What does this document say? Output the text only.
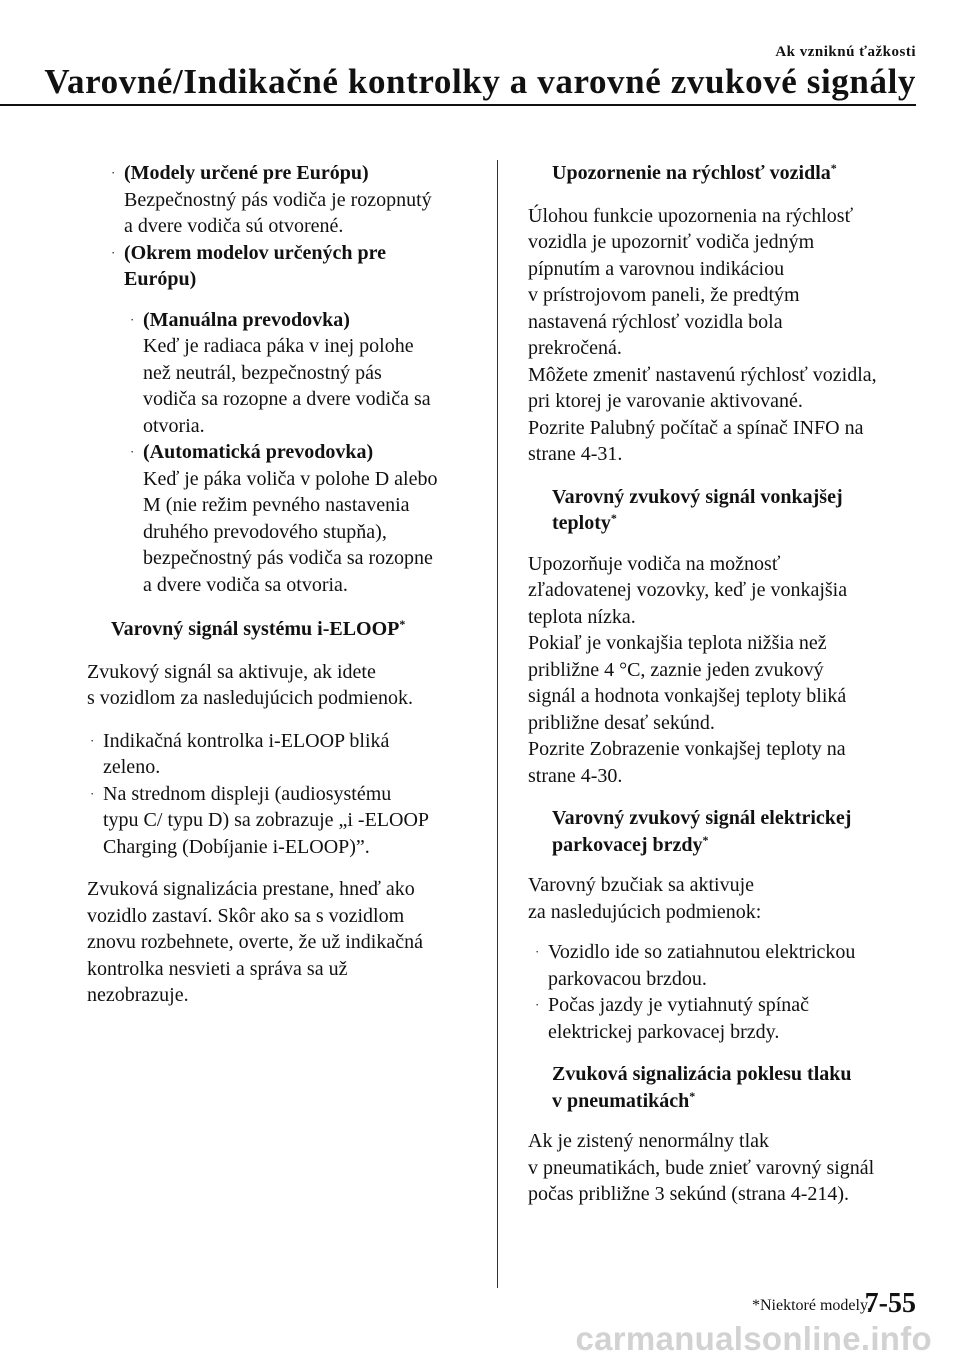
Ak vzniknú ťažkosti
Varovné/Indikačné kontrolky a varovné zvukové signály
· (Modely určené pre Európu)

Bezpečnostný pás vodiča je rozopnutý

a dvere vodiča sú otvorené.

· (Okrem modelov určených pre

Európu)

· (Manuálna prevodovka)

Keď je radiaca páka v inej polohe

než neutrál, bezpečnostný pás

vodiča sa rozopne a dvere vodiča sa

otvoria.

· (Automatická prevodovka)

Keď je páka voliča v polohe D alebo

M (nie režim pevného nastavenia

druhého prevodového stupňa),

bezpečnostný pás vodiča sa rozopne

a dvere vodiča sa otvoria.

Varovný signál systému i-ELOOP*

Zvukový signál sa aktivuje, ak idete

s vozidlom za nasledujúcich podmienok.

· Indikačná kontrolka i-ELOOP bliká

zeleno.

· Na strednom displeji (audiosystému

typu C/ typu D) sa zobrazuje „i -ELOOP

Charging (Dobíjanie i-ELOOP)”.

Zvuková signalizácia prestane, hneď ako

vozidlo zastaví. Skôr ako sa s vozidlom

znovu rozbehnete, overte, že už indikačná

kontrolka nesvieti a správa sa už

nezobrazuje.

Upozornenie na rýchlosť vozidla*

Úlohou funkcie upozornenia na rýchlosť

vozidla je upozorniť vodiča jedným

pípnutím a varovnou indikáciou

v prístrojovom paneli, že predtým

nastavená rýchlosť vozidla bola

prekročená.

Môžete zmeniť nastavenú rýchlosť vozidla,

pri ktorej je varovanie aktivované.

Pozrite Palubný počítač a spínač INFO na

strane 4-31.

Varovný zvukový signál vonkajšej

teploty*

Upozorňuje vodiča na možnosť

zľadovatenej vozovky, keď je vonkajšia

teplota nízka.

Pokiaľ je vonkajšia teplota nižšia než

približne 4 °C, zaznie jeden zvukový

signál a hodnota vonkajšej teploty bliká

približne desať sekúnd.

Pozrite Zobrazenie vonkajšej teploty na

strane 4-30.

Varovný zvukový signál elektrickej

parkovacej brzdy*

Varovný bzučiak sa aktivuje

za nasledujúcich podmienok:

· Vozidlo ide so zatiahnutou elektrickou

parkovacou brzdou.

· Počas jazdy je vytiahnutý spínač

elektrickej parkovacej brzdy.

Zvuková signalizácia poklesu tlaku

v pneumatikách*

Ak je zistený nenormálny tlak

v pneumatikách, bude znieť varovný signál

počas približne 3 sekúnd (strana 4-214).

*Niektoré modely.
7-55
carmanualsonline.info
